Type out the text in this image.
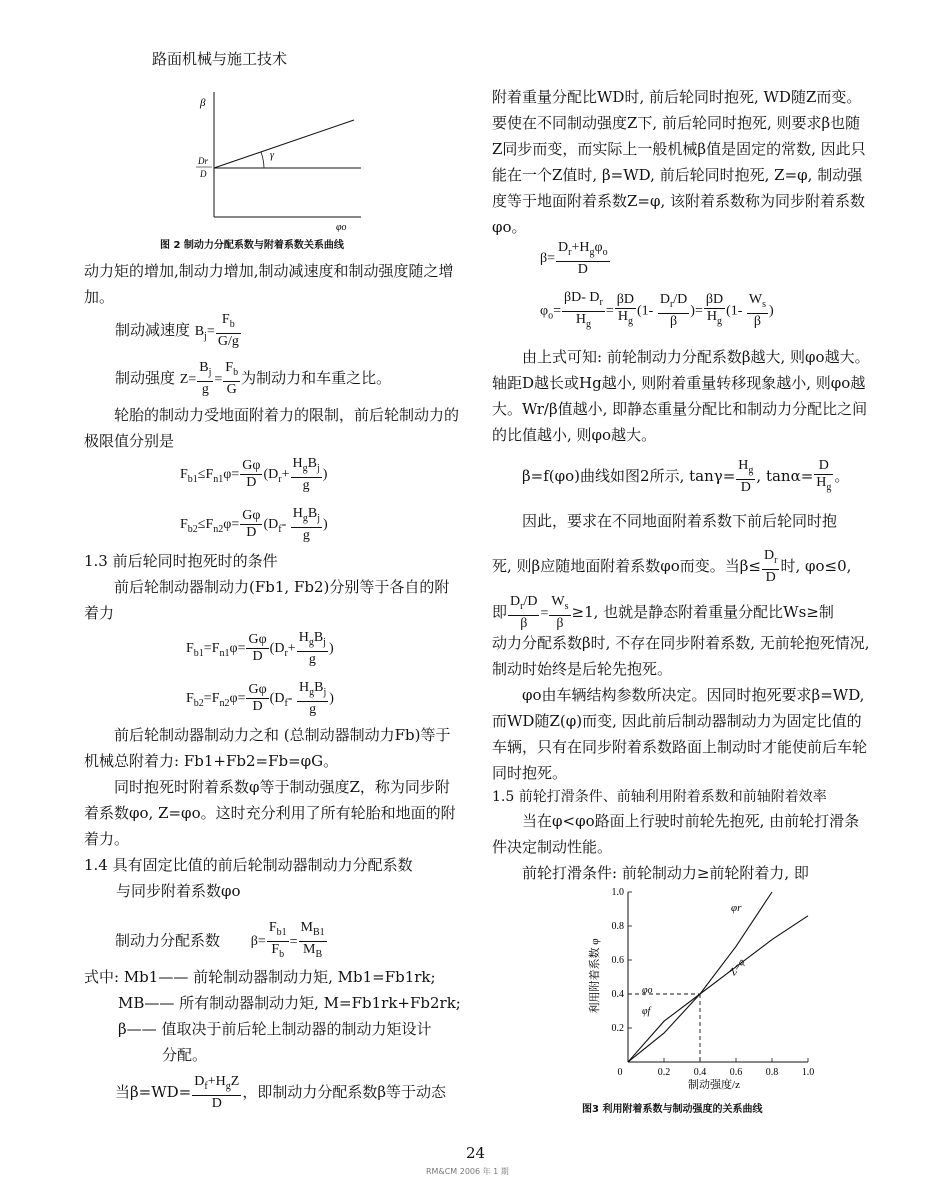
路面机械与施工技术
β
Dr
D
γ
φo
图 2 制动力分配系数与附着系数关系曲线

动力矩的增加,制动力增加,制动减速度和制动强度随之增加。

制动减速度 $B_j= \frac{F_b}{G/g}$
制动强度 $Z= \frac{B_j}{g} = \frac{F_b}{G}$ 为制动力和车重之比。

轮胎的制动力受地面附着力的限制，前后轮制动力的极限值分别是

$F_{b1}\le F_{n1}\varphi= \frac{G\varphi}{D} (D_r+ \frac{H_gB_j}{g}$ )
$F_{b2}\le F_{n2}\varphi= \frac{G\varphi}{D} (D_f- \frac{H_gB_j}{g}$ )
1.3 前后轮同时抱死时的条件

前后轮制动器制动力(Fb1, Fb2)分别等于各自的附着力

$F_{b1}=F_{n1}\varphi= \frac{G\varphi}{D} (D_r+ \frac{H_gB_j}{g}$ )
$F_{b2}=F_{n2}\varphi= \frac{G\varphi}{D} (D_f- \frac{H_gB_j}{g}$ )

前后轮制动器制动力之和 (总制动器制动力Fb)等于机械总附着力: Fb1+Fb2=Fb=φG。

同时抱死时附着系数φ等于制动强度Z，称为同步附着系数φo, Z=φo。这时充分利用了所有轮胎和地面的附着力。

1.4 具有固定比值的前后轮制动器制动力分配系数
与同步附着系数φo
制动力分配系数 $\beta= \frac{F_{b1}}{F_b} = \frac{M_{B1}}{M_B}$
式中: Mb1—— 前轮制动器制动力矩, Mb1=Fb1rk;
MB—— 所有制动器制动力矩, M=Fb1rk+Fb2rk;
β—— 值取决于前后轮上制动器的制动力矩设计
分配。
当$\beta=WD= \frac{D_f+H_gZ}{D}$ ，即制动力分配系数β等于动态

附着重量分配比WD时, 前后轮同时抱死, WD随Z而变。要使在不同制动强度Z下, 前后轮同时抱死, 则要求β也随Z同步而变，而实际上一般机械β值是固定的常数, 因此只能在一个Z值时, β=WD, 前后轮同时抱死, Z=φ, 制动强度等于地面附着系数Z=φ, 该附着系数称为同步附着系数φo。

$\beta= \frac{D_r+H_g\varphi_o}{D}$
$\varphi_o= \frac{\beta D- D_r}{H_g} = \frac{\beta D}{H_g} (1- \frac{D_r/D}{\beta}$ )= $\frac{\beta D}{H_g} (1- \frac{W_s}{\beta}$ )

由上式可知: 前轮制动力分配系数β越大, 则φo越大。轴距D越长或Hg越小, 则附着重量转移现象越小, 则φo越大。Wr/β值越小, 即静态重量分配比和制动力分配比之间的比值越小, 则φo越大。

β=f(φo)曲线如图2所示, $\tan\gamma= \frac{H_g}{D}$ , $\tan\alpha= \frac{D}{H_g}$ 。
因此，要求在不同地面附着系数下前后轮同时抱
死, 则β应随地面附着系数φo而变。当$\beta\le \frac{D_r}{D}$ 时, φo≤0,
即 $\frac{D_r/D}{\beta} = \frac{W_s}{\beta} \ge 1$, 也就是静态附着重量分配比Ws≥制

动力分配系数β时, 不存在同步附着系数, 无前轮抱死情况, 制动时始终是后轮先抱死。

φo由车辆结构参数所决定。因同时抱死要求β=WD, 而WD随Z(φ)而变, 因此前后制动器制动力为固定比值的车辆，只有在同步附着系数路面上制动时才能使前后车轮同时抱死。

1.5 前轮打滑条件、前轴利用附着系数和前轴附着效率

当在φ<φo路面上行驶时前轮先抱死, 由前轮打滑条件决定制动性能。

前轮打滑条件: 前轮制动力≥前轮附着力, 即

0	0.2 0.4 0.6 0.8 1.0
0.2
0.4
0.6
0.8
1.0
利用附着系数 φ
制动强度/z
φr
Z=φ
φo
φf
图3 利用附着系数与制动强度的关系曲线
24
RM&CM 2006 年 1 期
